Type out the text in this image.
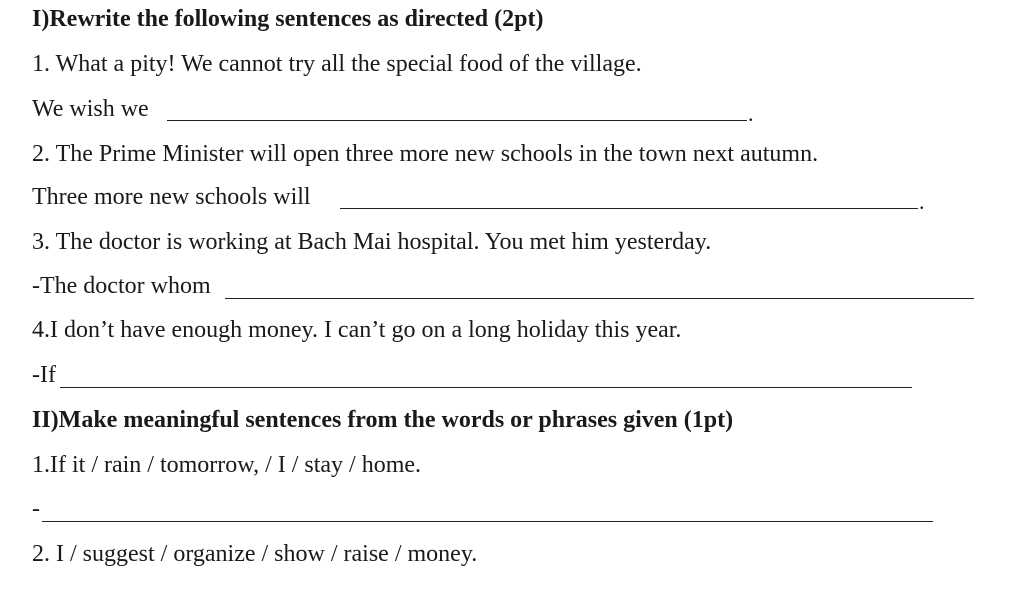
I)Rewrite the following sentences as directed (2pt)
1. What a pity! We cannot try all the special food of the village.
We wish we	.
2. The Prime Minister will open three more new schools in the town next autumn.
Three more new schools will	.
3. The doctor is working at Bach Mai hospital. You met him yesterday.
-The doctor whom
4.I don’t have enough money. I can’t go on a long holiday this year.
-If
II)Make meaningful sentences from the words or phrases given (1pt)
1.If it / rain / tomorrow, / I / stay / home.
-
2. I / suggest / organize / show / raise / money.
